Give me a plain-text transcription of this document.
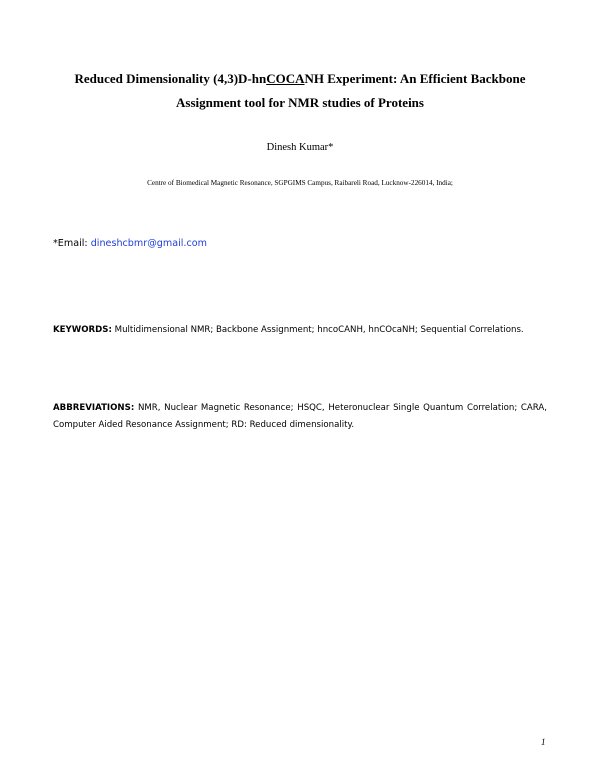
Reduced Dimensionality (4,3)D-hnCOCANH Experiment: An Efficient Backbone
Assignment tool for NMR studies of Proteins
Dinesh Kumar*
Centre of Biomedical Magnetic Resonance, SGPGIMS Campus, Raibareli Road, Lucknow-226014, India;
*Email: dineshcbmr@gmail.com

KEYWORDS: Multidimensional NMR; Backbone Assignment; hncoCANH, hnCOcaNH; Sequential Correlations.

ABBREVIATIONS: NMR, Nuclear Magnetic Resonance; HSQC, Heteronuclear Single Quantum Correlation; CARA, Computer Aided Resonance Assignment; RD: Reduced dimensionality.

1
